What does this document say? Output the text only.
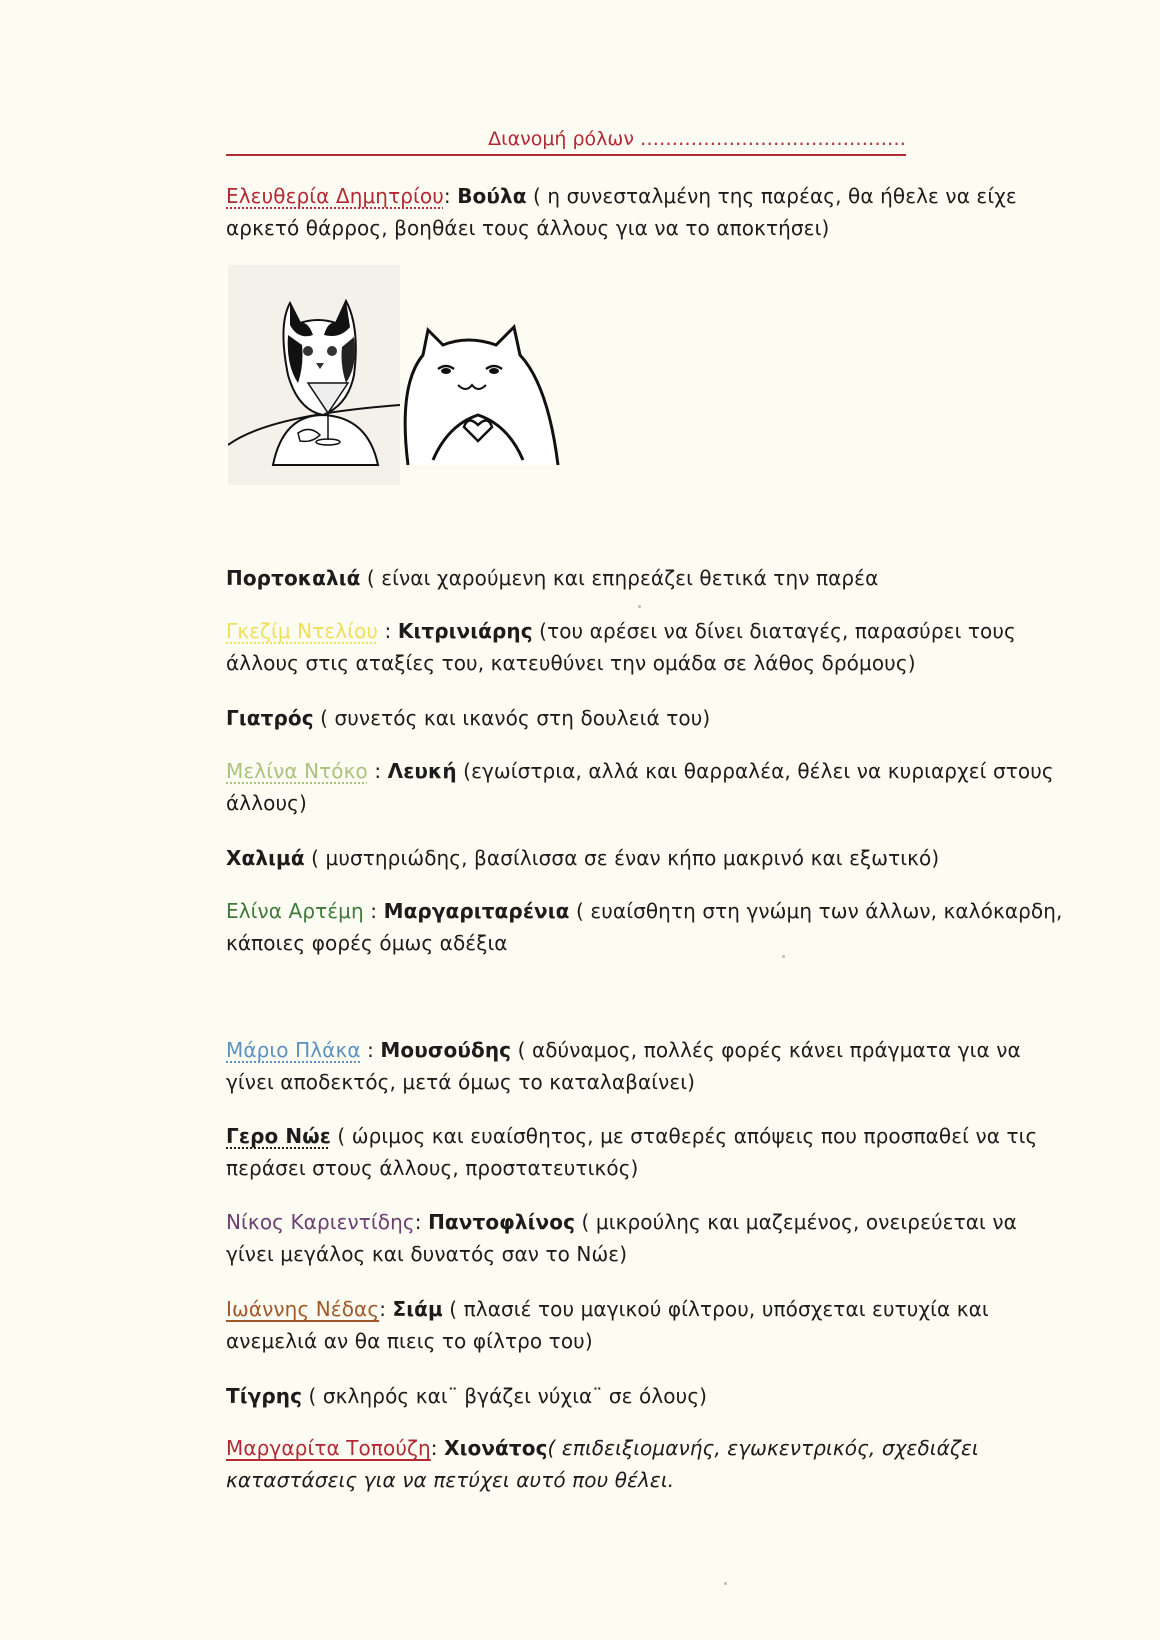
Διανομή ρόλων ……………………………………
Ελευθερία Δημητρίου: Βούλα ( η συνεσταλμένη της παρέας, θα ήθελε να είχε αρκετό θάρρος, βοηθάει τους άλλους για να το αποκτήσει)
Πορτοκαλιά ( είναι χαρούμενη και επηρεάζει θετικά την παρέα
Γκεζίμ Ντελίου : Κιτρινιάρης (του αρέσει να δίνει διαταγές, παρασύρει τους άλλους στις αταξίες του, κατευθύνει την ομάδα σε λάθος δρόμους)
Γιατρός ( συνετός και ικανός στη δουλειά του)
Μελίνα Ντόκο : Λευκή (εγωίστρια, αλλά και θαρραλέα, θέλει να κυριαρχεί στους άλλους)
Χαλιμά ( μυστηριώδης, βασίλισσα σε έναν κήπο μακρινό και εξωτικό)
Ελίνα Αρτέμη : Μαργαριταρένια ( ευαίσθητη στη γνώμη των άλλων, καλόκαρδη, κάποιες φορές όμως αδέξια
Μάριο Πλάκα : Μουσούδης ( αδύναμος, πολλές φορές κάνει πράγματα για να γίνει αποδεκτός, μετά όμως το καταλαβαίνει)
Γερο Νώε ( ώριμος και ευαίσθητος, με σταθερές απόψεις που προσπαθεί να τις περάσει στους άλλους, προστατευτικός)
Νίκος Καριεντίδης: Παντοφλίνος ( μικρούλης και μαζεμένος, ονειρεύεται να γίνει μεγάλος και δυνατός σαν το Νώε)
Ιωάννης Νέδας: Σιάμ ( πλασιέ του μαγικού φίλτρου, υπόσχεται ευτυχία και ανεμελιά αν θα πιεις το φίλτρο του)
Τίγρης ( σκληρός και¨ βγάζει νύχια¨ σε όλους)
Μαργαρίτα Τοπούζη: Χιονάτος( επιδειξιομανής, εγωκεντρικός, σχεδιάζει καταστάσεις για να πετύχει αυτό που θέλει.
